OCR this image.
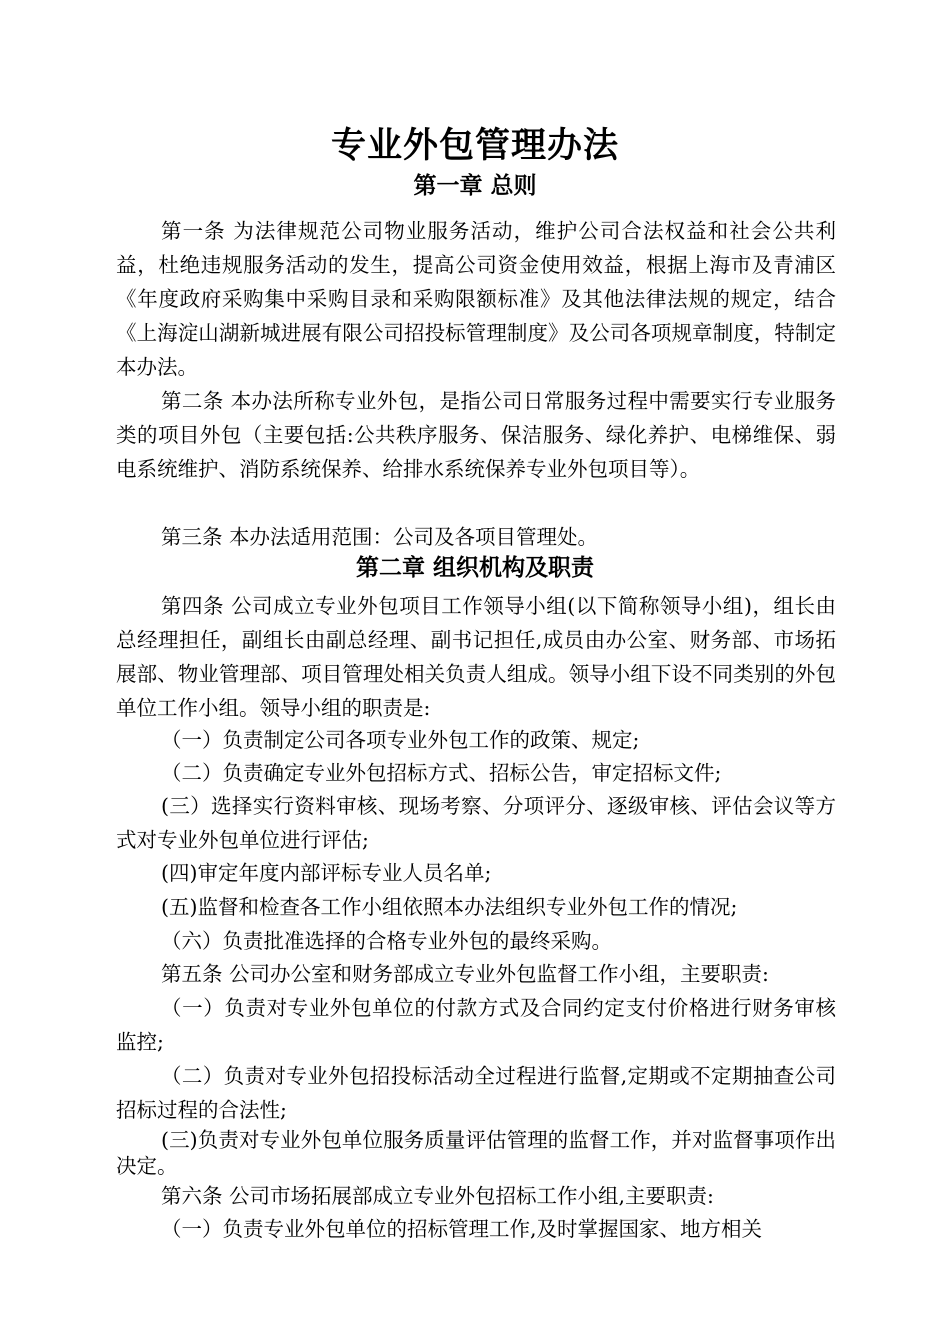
专业外包管理办法
第一章 总则

第一条 为法律规范公司物业服务活动，维护公司合法权益和社会公共利益，杜绝违规服务活动的发生，提高公司资金使用效益，根据上海市及青浦区《年度政府采购集中采购目录和采购限额标准》及其他法律法规的规定，结合《上海淀山湖新城进展有限公司招投标管理制度》及公司各项规章制度，特制定本办法。

第二条 本办法所称专业外包，是指公司日常服务过程中需要实行专业服务类的项目外包（主要包括:公共秩序服务、保洁服务、绿化养护、电梯维保、弱电系统维护、消防系统保养、给排水系统保养专业外包项目等）。

第三条 本办法适用范围：公司及各项目管理处。

第二章 组织机构及职责

第四条 公司成立专业外包项目工作领导小组(以下简称领导小组)，组长由总经理担任，副组长由副总经理、副书记担任,成员由办公室、财务部、市场拓展部、物业管理部、项目管理处相关负责人组成。领导小组下设不同类别的外包单位工作小组。领导小组的职责是:

（一）负责制定公司各项专业外包工作的政策、规定;

（二）负责确定专业外包招标方式、招标公告，审定招标文件;

(三）选择实行资料审核、现场考察、分项评分、逐级审核、评估会议等方式对专业外包单位进行评估;

(四)审定年度内部评标专业人员名单;

(五)监督和检查各工作小组依照本办法组织专业外包工作的情况;

（六）负责批准选择的合格专业外包的最终采购。

第五条 公司办公室和财务部成立专业外包监督工作小组，主要职责:

（一）负责对专业外包单位的付款方式及合同约定支付价格进行财务审核监控;

（二）负责对专业外包招投标活动全过程进行监督,定期或不定期抽查公司招标过程的合法性;

(三)负责对专业外包单位服务质量评估管理的监督工作，并对监督事项作出决定。

第六条 公司市场拓展部成立专业外包招标工作小组,主要职责:

（一）负责专业外包单位的招标管理工作,及时掌握国家、地方相关
